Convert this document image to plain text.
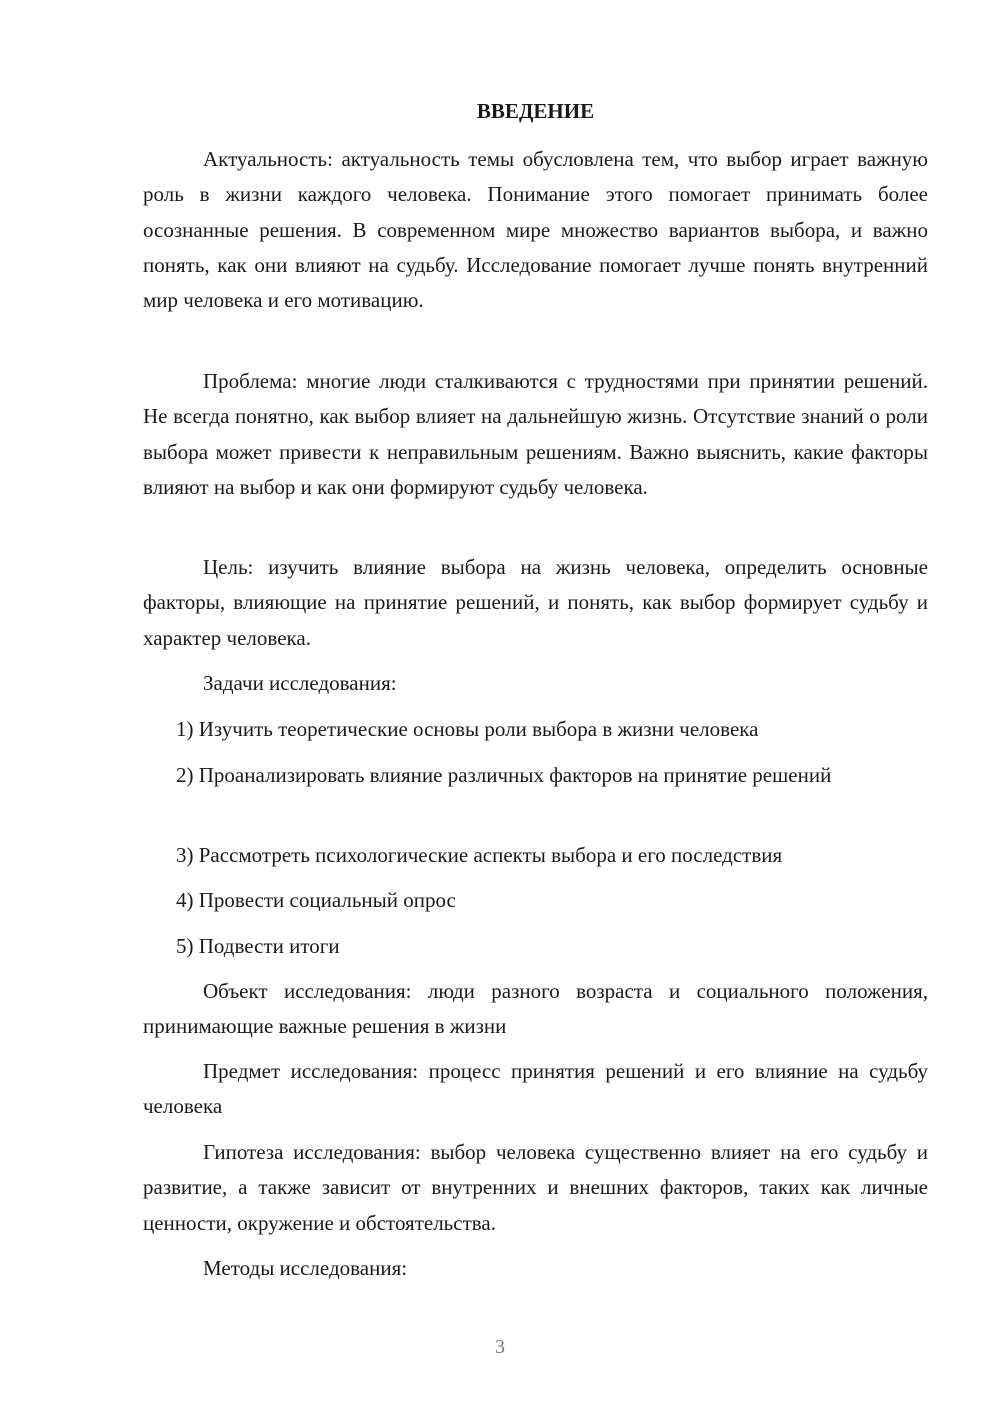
ВВЕДЕНИЕ

Актуальность: актуальность темы обусловлена тем, что выбор играет важную роль в жизни каждого человека. Понимание этого помогает принимать более осознанные решения. В современном мире множество вариантов выбора, и важно понять, как они влияют на судьбу. Исследование помогает лучше понять внутренний мир человека и его мотивацию.

Проблема: многие люди сталкиваются с трудностями при принятии решений. Не всегда понятно, как выбор влияет на дальнейшую жизнь. Отсутствие знаний о роли выбора может привести к неправильным решениям. Важно выяснить, какие факторы влияют на выбор и как они формируют судьбу человека.

Цель: изучить влияние выбора на жизнь человека, определить основные факторы, влияющие на принятие решений, и понять, как выбор формирует судьбу и характер человека.

Задачи исследования:

1) Изучить теоретические основы роли выбора в жизни человека

2) Проанализировать влияние различных факторов на принятие решений

3) Рассмотреть психологические аспекты выбора и его последствия

4) Провести социальный опрос

5) Подвести итоги

Объект исследования: люди разного возраста и социального положения, принимающие важные решения в жизни

Предмет исследования: процесс принятия решений и его влияние на судьбу человека

Гипотеза исследования: выбор человека существенно влияет на его судьбу и развитие, а также зависит от внутренних и внешних факторов, таких как личные ценности, окружение и обстоятельства.

Методы исследования:

3
